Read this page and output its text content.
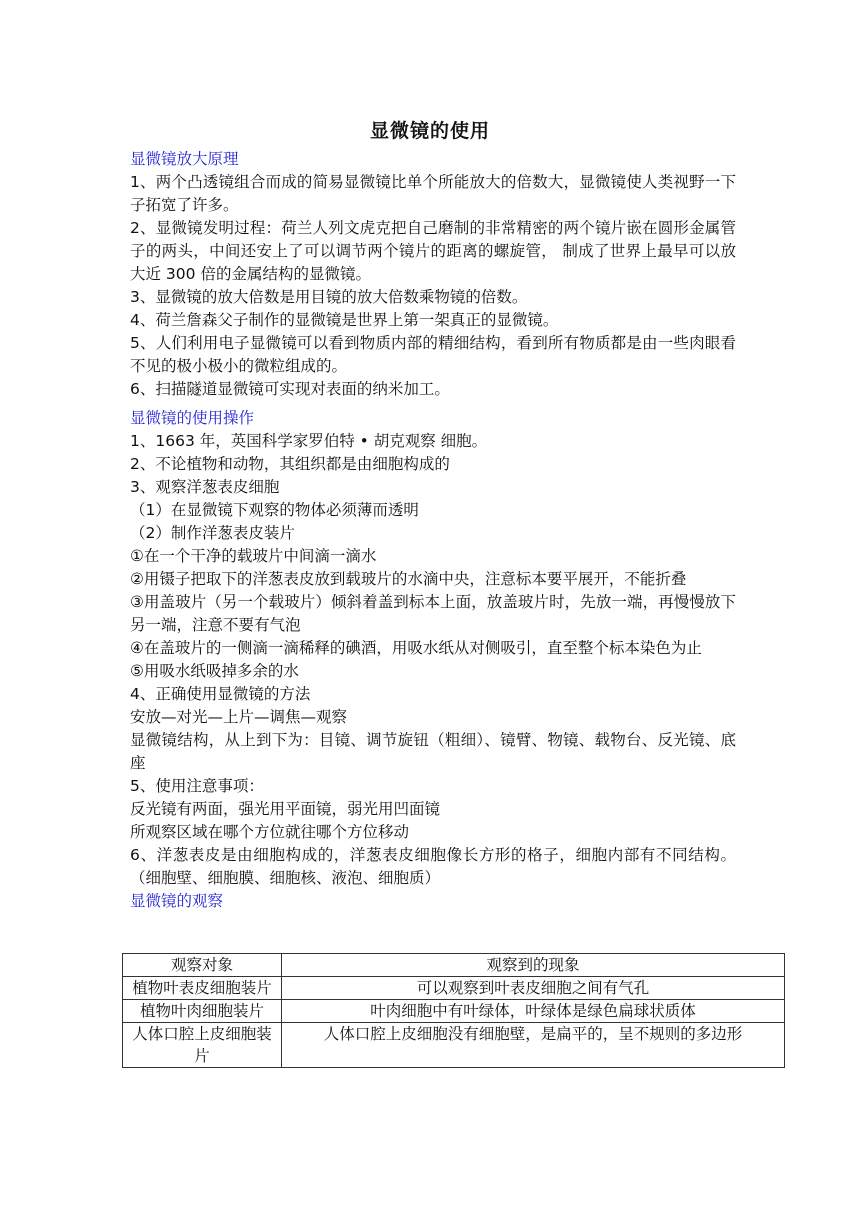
显微镜的使用

显微镜放大原理

1、两个凸透镜组合而成的简易显微镜比单个所能放大的倍数大，显微镜使人类视野一下子拓宽了许多。

2、显微镜发明过程：荷兰人列文虎克把自己磨制的非常精密的两个镜片嵌在圆形金属管子的两头，中间还安上了可以调节两个镜片的距离的螺旋管， 制成了世界上最早可以放大近 300 倍的金属结构的显微镜。

3、显微镜的放大倍数是用目镜的放大倍数乘物镜的倍数。

4、荷兰詹森父子制作的显微镜是世界上第一架真正的显微镜。

5、人们利用电子显微镜可以看到物质内部的精细结构，看到所有物质都是由一些肉眼看不见的极小极小的微粒组成的。

6、扫描隧道显微镜可实现对表面的纳米加工。

显微镜的使用操作

1、1663 年，英国科学家罗伯特 • 胡克观察 细胞。

2、不论植物和动物，其组织都是由细胞构成的

3、观察洋葱表皮细胞

（1）在显微镜下观察的物体必须薄而透明

（2）制作洋葱表皮装片

①在一个干净的载玻片中间滴一滴水

②用镊子把取下的洋葱表皮放到载玻片的水滴中央，注意标本要平展开，不能折叠

③用盖玻片（另一个载玻片）倾斜着盖到标本上面，放盖玻片时，先放一端，再慢慢放下另一端，注意不要有气泡

④在盖玻片的一侧滴一滴稀释的碘酒，用吸水纸从对侧吸引，直至整个标本染色为止

⑤用吸水纸吸掉多余的水

4、正确使用显微镜的方法

安放—对光—上片—调焦—观察

显微镜结构，从上到下为：目镜、调节旋钮（粗细）、镜臂、物镜、载物台、反光镜、底座

5、使用注意事项：

反光镜有两面，强光用平面镜，弱光用凹面镜

所观察区域在哪个方位就往哪个方位移动

6、洋葱表皮是由细胞构成的，洋葱表皮细胞像长方形的格子，细胞内部有不同结构。（细胞壁、细胞膜、细胞核、液泡、细胞质）

显微镜的观察

观察对象	观察到的现象
植物叶表皮细胞装片	可以观察到叶表皮细胞之间有气孔
植物叶肉细胞装片	叶肉细胞中有叶绿体，叶绿体是绿色扁球状质体
人体口腔上皮细胞装片	人体口腔上皮细胞没有细胞壁，是扁平的，呈不规则的多边形
